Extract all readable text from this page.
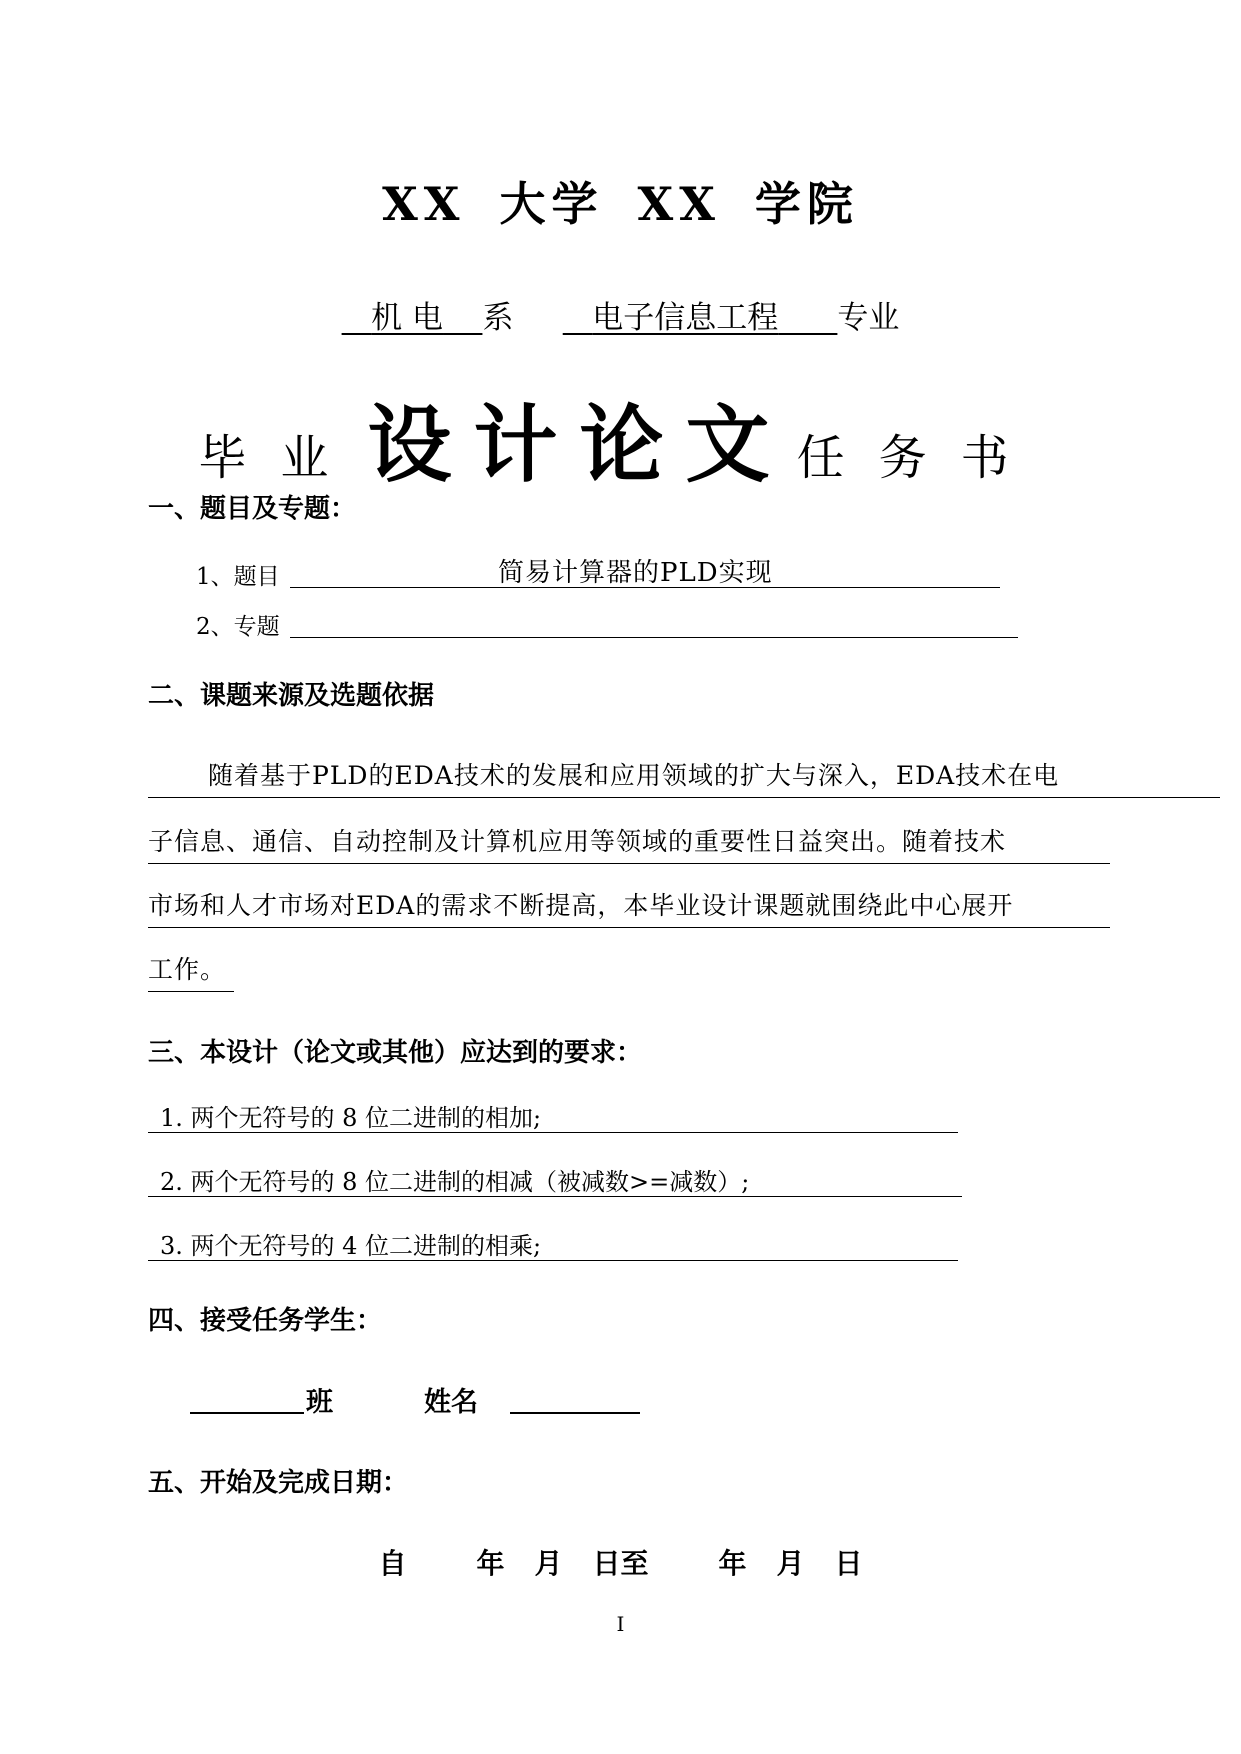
XX 大学 XX 学院
机 电 系	电子信息工程 专业
毕业 设计论文 任务书
一、题目及专题：
1、题目	简易计算器的PLD实现
2、专题
二、课题来源及选题依据
随着基于PLD的EDA技术的发展和应用领域的扩大与深入，EDA技术在电
子信息、通信、自动控制及计算机应用等领域的重要性日益突出。随着技术
市场和人才市场对EDA的需求不断提高，本毕业设计课题就围绕此中心展开
工作。
三、本设计（论文或其他）应达到的要求：
1. 两个无符号的 8 位二进制的相加;
2. 两个无符号的 8 位二进制的相减（被减数>=减数）;
3. 两个无符号的 4 位二进制的相乘;
四、接受任务学生：
班	姓名
五、开始及完成日期：
自	年 月 日至	年 月 日
I
